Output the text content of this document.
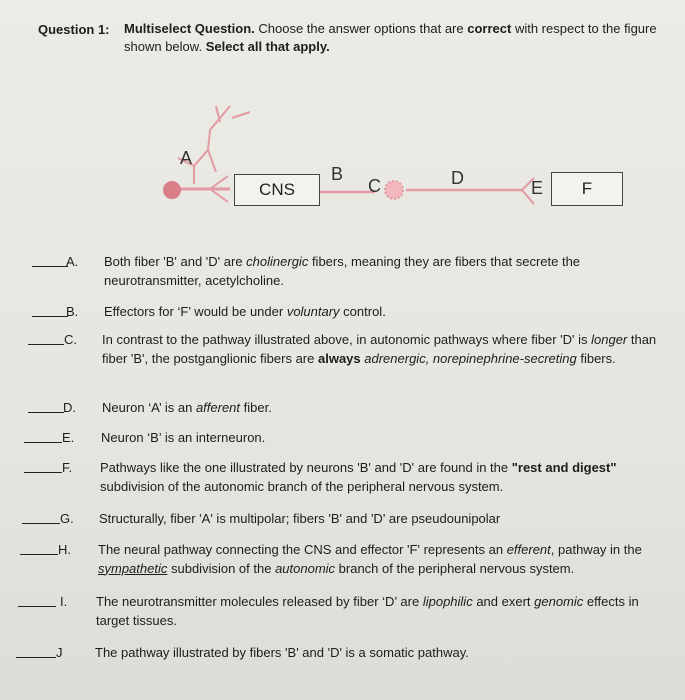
Question 1: Multiselect Question. Choose the answer options that are correct with respect to the figure shown below. Select all that apply.
A
B
C	D	E
CNS	F
A. Both fiber 'B' and 'D' are cholinergic fibers, meaning they are fibers that secrete the neurotransmitter, acetylcholine.
B. Effectors for ‘F’ would be under voluntary control.
C. In contrast to the pathway illustrated above, in autonomic pathways where fiber 'D' is longer than fiber 'B', the postganglionic fibers are always adrenergic, norepinephrine-secreting fibers.
D. Neuron ‘A’ is an afferent fiber.
E. Neuron ‘B’ is an interneuron.
F. Pathways like the one illustrated by neurons 'B' and 'D' are found in the "rest and digest" subdivision of the autonomic branch of the peripheral nervous system.
G. Structurally, fiber 'A' is multipolar; fibers 'B' and 'D' are pseudounipolar
H. The neural pathway connecting the CNS and effector 'F' represents an efferent, pathway in the sympathetic subdivision of the autonomic branch of the peripheral nervous system.
I. The neurotransmitter molecules released by fiber ‘D’ are lipophilic and exert genomic effects in target tissues.
J	The pathway illustrated by fibers 'B' and 'D' is a somatic pathway.
